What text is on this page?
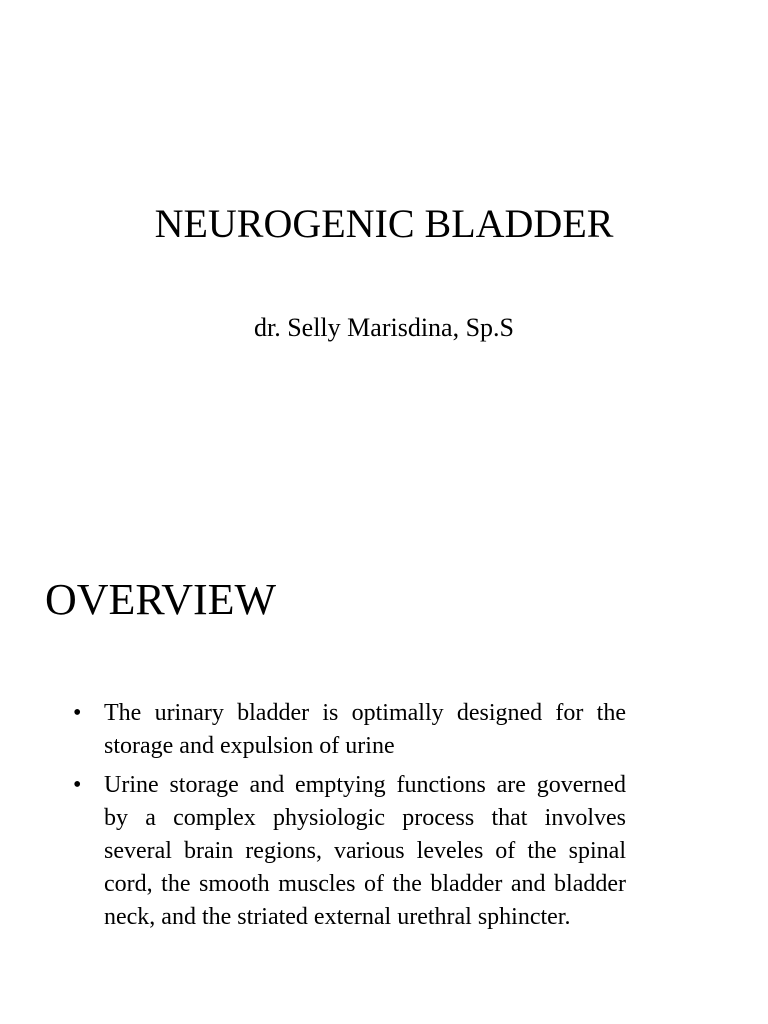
NEUROGENIC BLADDER

dr. Selly Marisdina, Sp.S

OVERVIEW
• The urinary bladder is optimally designed for the storage and expulsion of urine
• Urine storage and emptying functions are governed by a complex physiologic process that involves several brain regions, various leveles of the spinal cord, the smooth muscles of the bladder and bladder neck, and the striated external urethral sphincter.
